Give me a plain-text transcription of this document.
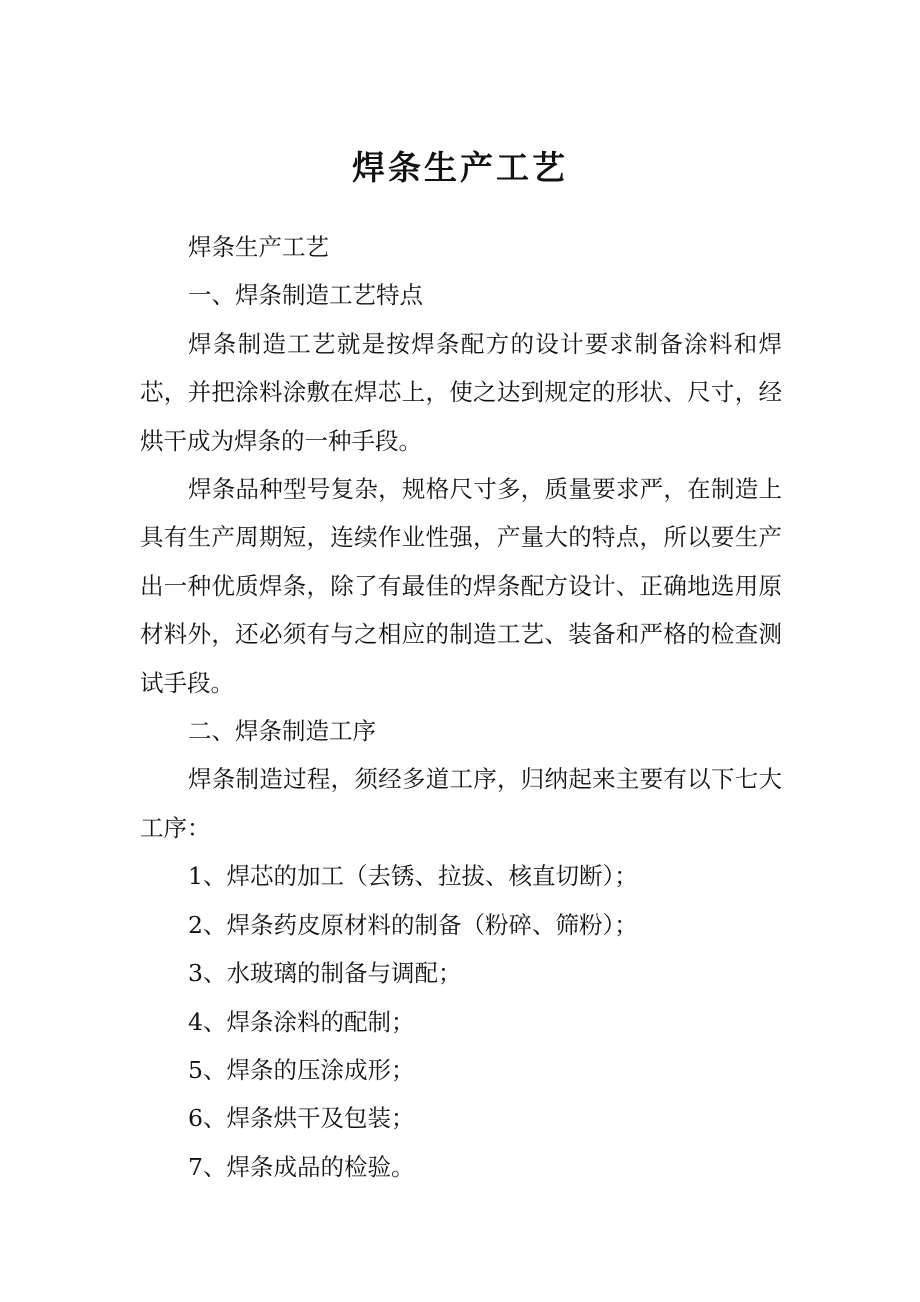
焊条生产工艺

焊条生产工艺

一、焊条制造工艺特点

焊条制造工艺就是按焊条配方的设计要求制备涂料和焊芯，并把涂料涂敷在焊芯上，使之达到规定的形状、尺寸，经烘干成为焊条的一种手段。

焊条品种型号复杂，规格尺寸多，质量要求严，在制造上具有生产周期短，连续作业性强，产量大的特点，所以要生产出一种优质焊条，除了有最佳的焊条配方设计、正确地选用原材料外，还必须有与之相应的制造工艺、装备和严格的检查测试手段。

二、焊条制造工序

焊条制造过程，须经多道工序，归纳起来主要有以下七大工序：

1、焊芯的加工（去锈、拉拔、核直切断）；

2、焊条药皮原材料的制备（粉碎、筛粉）；

3、水玻璃的制备与调配；

4、焊条涂料的配制；

5、焊条的压涂成形；

6、焊条烘干及包装；

7、焊条成品的检验。
